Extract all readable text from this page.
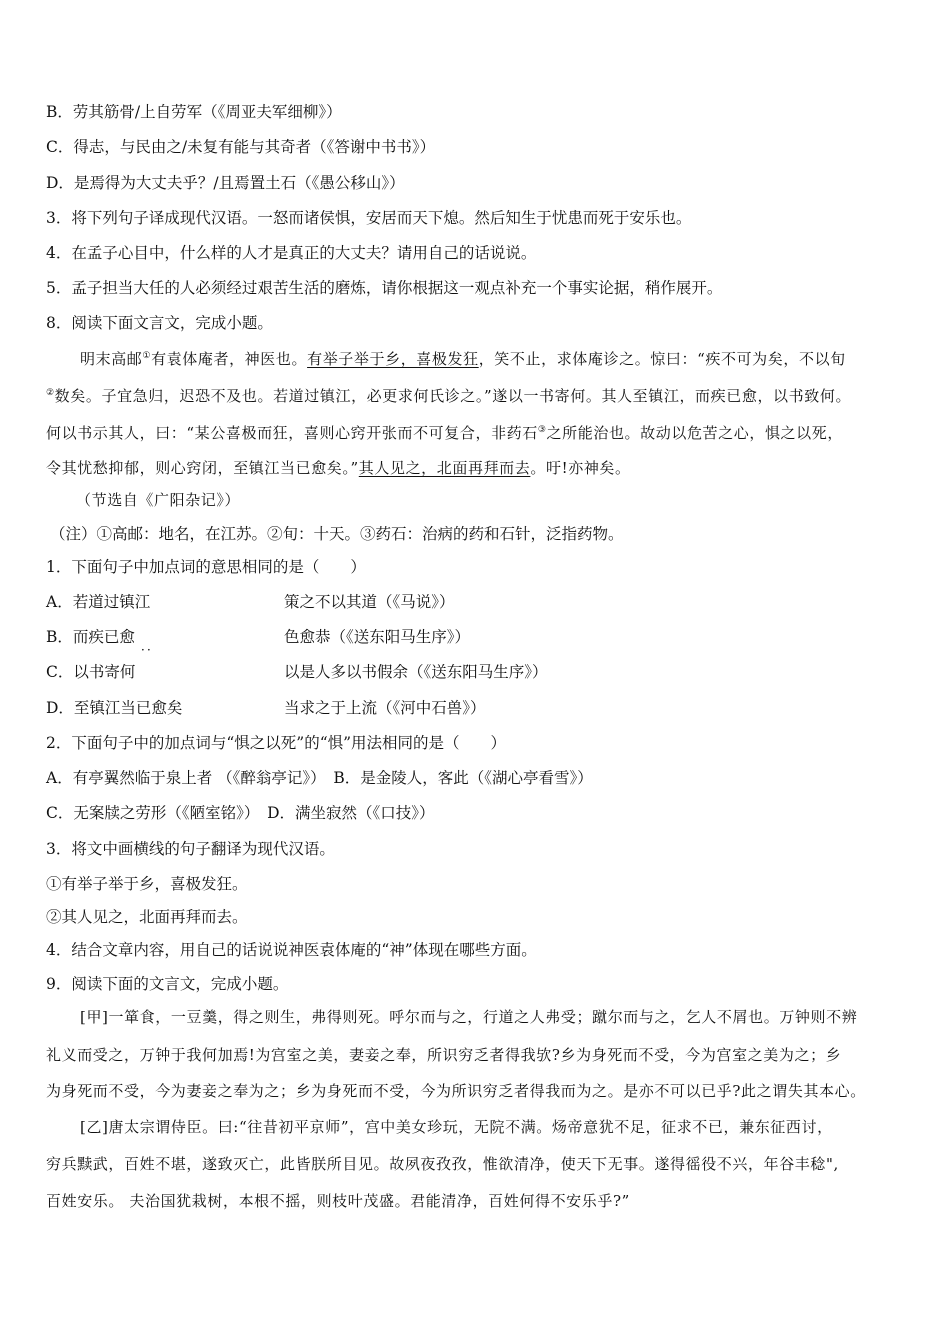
B．劳其筋骨/上自劳军（《周亚夫军细柳》）
C．得志，与民由之/未复有能与其奇者（《答谢中书书》）
D．是焉得为大丈夫乎？/且焉置土石（《愚公移山》）
3．将下列句子译成现代汉语。一怒而诸侯惧，安居而天下熄。然后知生于忧患而死于安乐也。
4．在孟子心目中，什么样的人才是真正的大丈夫？请用自己的话说说。
5．孟子担当大任的人必须经过艰苦生活的磨炼，请你根据这一观点补充一个事实论据，稍作展开。
8．阅读下面文言文，完成小题。
明末高邮①有袁体庵者，神医也。有举子举于乡，喜极发狂，笑不止，求体庵诊之。惊曰：“疾不可为矣，不以旬
②数矣。子宜急归，迟恐不及也。若道过镇江，必更求何氏诊之。”遂以一书寄何。其人至镇江，而疾已愈，以书致何。
何以书示其人，曰：“某公喜极而狂，喜则心窍开张而不可复合，非药石③之所能治也。故动以危苦之心，惧之以死，
令其忧愁抑郁，则心窍闭，至镇江当已愈矣。”其人见之，北面再拜而去。吁!亦神矣。
（节选自《广阳杂记》）
（注）①高邮：地名，在江苏。②旬：十天。③药石：治病的药和石针，泛指药物。
1．下面句子中加点词的意思相同的是（　　）
A．若道过镇江	策之不以其道（《马说》）
B．而疾已愈 ．．	色愈恭（《送东阳马生序》）
C．以书寄何	以是人多以书假余（《送东阳马生序》）
D．至镇江当已愈矣	当求之于上流（《河中石兽》）
2．下面句子中的加点词与“惧之以死”的“惧”用法相同的是（　　）
A．有亭翼然临于泉上者 （《醉翁亭记》）　B．是金陵人，客此（《湖心亭看雪》）
C．无案牍之劳形（《陋室铭》）　D．满坐寂然（《口技》）
3．将文中画横线的句子翻译为现代汉语。
①有举子举于乡，喜极发狂。
②其人见之，北面再拜而去。
4．结合文章内容，用自己的话说说神医袁体庵的“神”体现在哪些方面。
9．阅读下面的文言文，完成小题。
[甲]一箪食，一豆羹，得之则生，弗得则死。呼尔而与之，行道之人弗受；蹴尔而与之，乞人不屑也。万钟则不辨
礼义而受之，万钟于我何加焉!为宫室之美，妻妾之奉，所识穷乏者得我欤?乡为身死而不受，今为宫室之美为之；乡
为身死而不受，今为妻妾之奉为之；乡为身死而不受，今为所识穷乏者得我而为之。是亦不可以已乎?此之谓失其本心。
[乙]唐太宗谓侍臣。曰:“往昔初平京师”，宫中美女珍玩，无院不满。炀帝意犹不足，征求不已，兼东征西讨，
穷兵黩武，百姓不堪，遂致灭亡，此皆朕所目见。故夙夜孜孜，惟欲清净，使天下无事。遂得徭役不兴，年谷丰稔",
百姓安乐。 夫治国犹栽树，本根不摇，则枝叶茂盛。君能清净，百姓何得不安乐乎?”
